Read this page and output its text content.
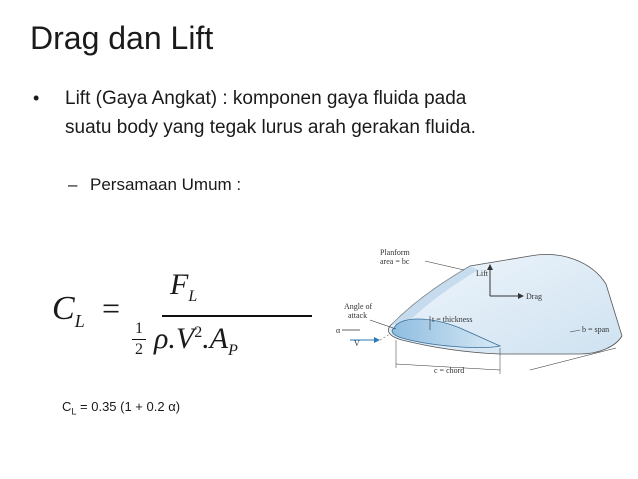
Drag dan Lift
• Lift (Gaya Angkat) : komponen gaya fluida pada suatu body yang tegak lurus arah gerakan fluida.
– Persamaan Umum :
$C_L$ =
$F_L$
1
2 $\rho.V^2.A_P$
$C_L = 0.35$ (1 + 0.2 α)
Planform
area = bc
Lift
Drag
Angle of
attack
α
V
t = thickness
c = chord
b = span
